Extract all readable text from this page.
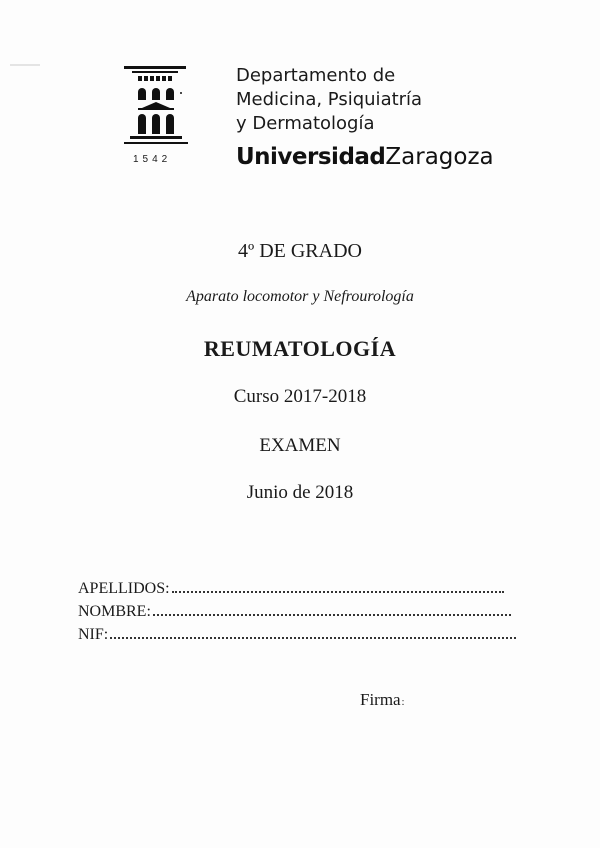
1542
Departamento de
Medicina, Psiquiatría
y Dermatología
UniversidadZaragoza
4º DE GRADO
Aparato locomotor y Nefrourología
REUMATOLOGÍA
Curso 2017-2018
EXAMEN
Junio de 2018
APELLIDOS:
NOMBRE:
NIF:
Firma:
